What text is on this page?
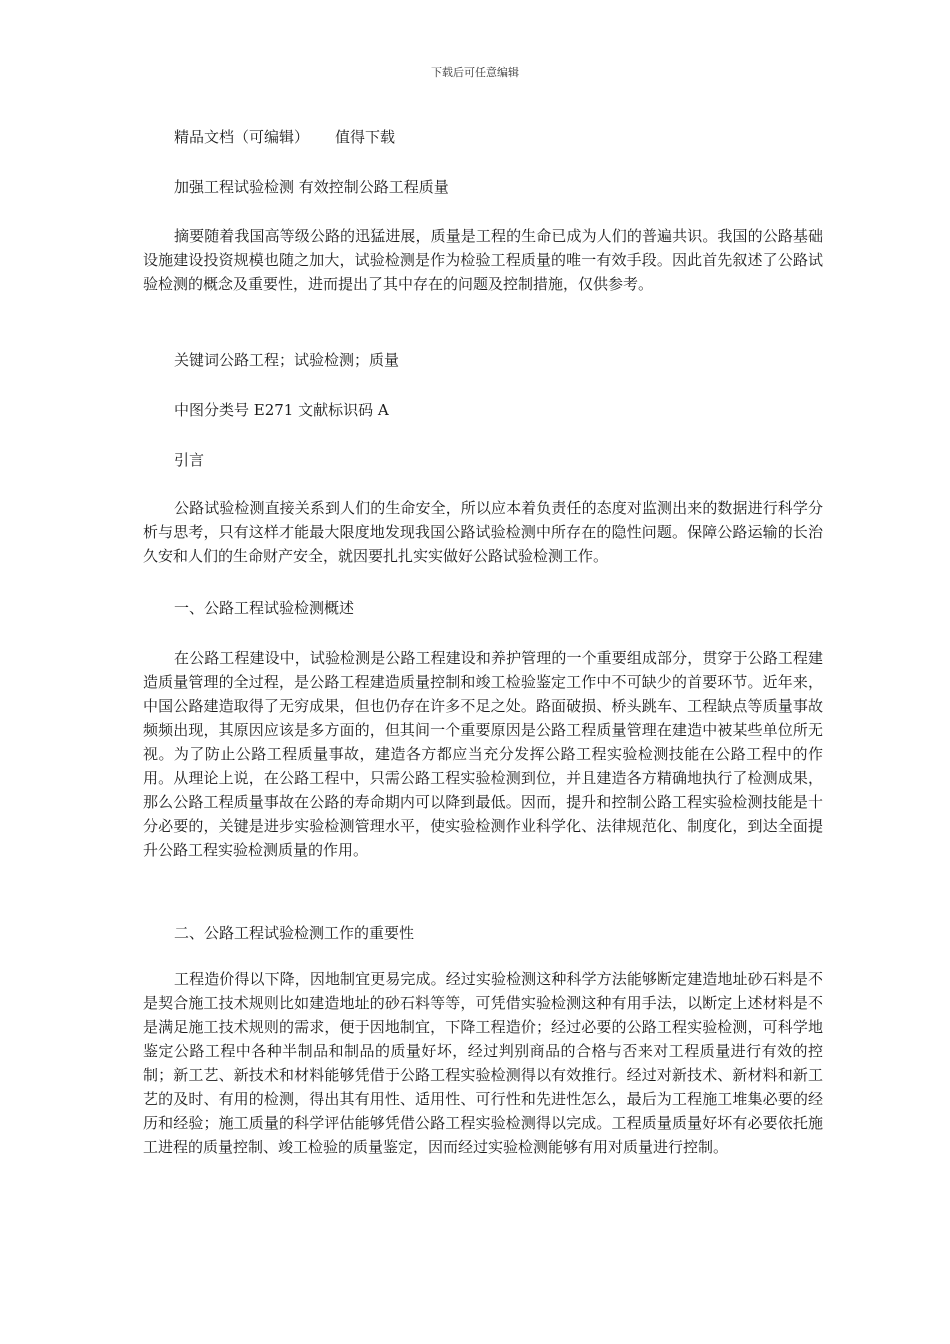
下载后可任意编辑
精品文档（可编辑） 值得下载
加强工程试验检测 有效控制公路工程质量

摘要随着我国高等级公路的迅猛进展，质量是工程的生命已成为人们的普遍共识。我国的公路基础设施建设投资规模也随之加大，试验检测是作为检验工程质量的唯一有效手段。因此首先叙述了公路试验检测的概念及重要性，进而提出了其中存在的问题及控制措施，仅供参考。

关键词公路工程；试验检测；质量
中图分类号 E271 文献标识码 A
引言

公路试验检测直接关系到人们的生命安全，所以应本着负责任的态度对监测出来的数据进行科学分析与思考，只有这样才能最大限度地发现我国公路试验检测中所存在的隐性问题。保障公路运输的长治久安和人们的生命财产安全，就因要扎扎实实做好公路试验检测工作。

一、公路工程试验检测概述

在公路工程建设中，试验检测是公路工程建设和养护管理的一个重要组成部分，贯穿于公路工程建造质量管理的全过程，是公路工程建造质量控制和竣工检验鉴定工作中不可缺少的首要环节。近年来，中国公路建造取得了无穷成果，但也仍存在许多不足之处。路面破损、桥头跳车、工程缺点等质量事故频频出现，其原因应该是多方面的，但其间一个重要原因是公路工程质量管理在建造中被某些单位所无视。为了防止公路工程质量事故，建造各方都应当充分发挥公路工程实验检测技能在公路工程中的作用。从理论上说，在公路工程中，只需公路工程实验检测到位，并且建造各方精确地执行了检测成果，那么公路工程质量事故在公路的寿命期内可以降到最低。因而，提升和控制公路工程实验检测技能是十分必要的，关键是进步实验检测管理水平，使实验检测作业科学化、法律规范化、制度化，到达全面提升公路工程实验检测质量的作用。

二、公路工程试验检测工作的重要性

工程造价得以下降，因地制宜更易完成。经过实验检测这种科学方法能够断定建造地址砂石料是不是契合施工技术规则比如建造地址的砂石料等等，可凭借实验检测这种有用手法，以断定上述材料是不是满足施工技术规则的需求，便于因地制宜，下降工程造价；经过必要的公路工程实验检测，可科学地鉴定公路工程中各种半制品和制品的质量好坏，经过判别商品的合格与否来对工程质量进行有效的控制；新工艺、新技术和材料能够凭借于公路工程实验检测得以有效推行。经过对新技术、新材料和新工艺的及时、有用的检测，得出其有用性、适用性、可行性和先进性怎么，最后为工程施工堆集必要的经历和经验；施工质量的科学评估能够凭借公路工程实验检测得以完成。工程质量质量好坏有必要依托施工进程的质量控制、竣工检验的质量鉴定，因而经过实验检测能够有用对质量进行控制。
